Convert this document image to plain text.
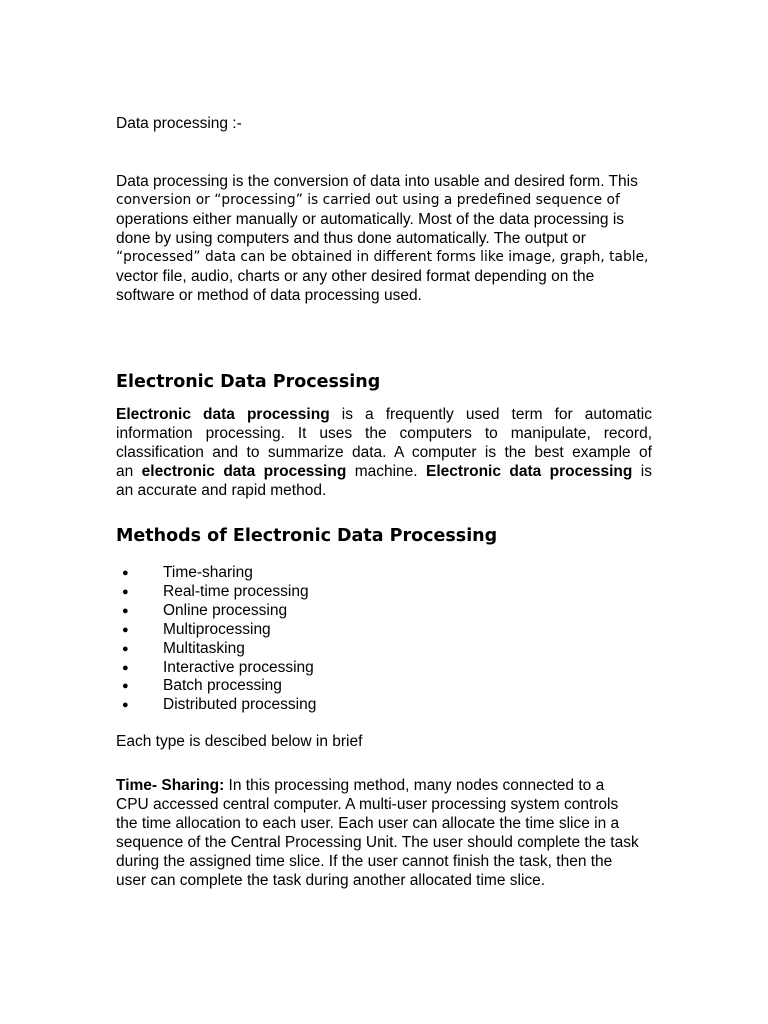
Data processing :-

Data processing is the conversion of data into usable and desired form. This
conversion or “processing” is carried out using a predefined sequence of
operations either manually or automatically. Most of the data processing is
done by using computers and thus done automatically. The output or
“processed” data can be obtained in different forms like image, graph, table,
vector file, audio, charts or any other desired format depending on the
software or method of data processing used.

Electronic Data Processing

Electronic data processing is a frequently used term for automatic
information processing. It uses the computers to manipulate, record,
classification and to summarize data. A computer is the best example of
an electronic data processing machine. Electronic data processing is
an accurate and rapid method.

Methods of Electronic Data Processing
● Time-sharing
● Real-time processing
● Online processing
● Multiprocessing
● Multitasking
● Interactive processing
● Batch processing
● Distributed processing

Each type is descibed below in brief

Time- Sharing: In this processing method, many nodes connected to a
CPU accessed central computer. A multi-user processing system controls
the time allocation to each user. Each user can allocate the time slice in a
sequence of the Central Processing Unit. The user should complete the task
during the assigned time slice. If the user cannot finish the task, then the
user can complete the task during another allocated time slice.
